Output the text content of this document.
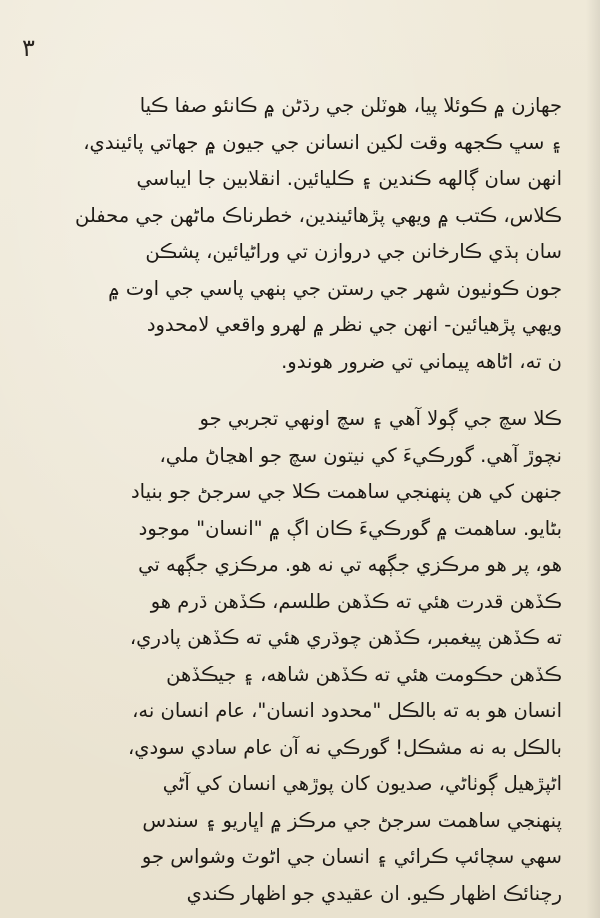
٣
جهازن ۾ ڪوئلا پيا، هوٽلن جي رڌڻن ۾ ڪانئو صفا ڪيا
۽ سڀ ڪجهه وقت لکين انسانن جي جيون ۾ جهاتي پائيندي،
انهن سان ڳالهه ڪندين ۽ ڪليائين. انقلابين جا ايباسي
ڪلاس، ڪتب ۾ ويهي پڙهائيندين، خطرناڪ ماڻهن جي محفلن
سان ٻڌي ڪارخانن جي دروازن تي وراڻيائين، پشڪن
جون ڪوٺيون شهر جي رستن جي ٻنهي پاسي جي اوت ۾
ويهي پڙهيائين- انهن جي نظر ۾ لهرو واقعي لامحدود
ن ته، اڻاهه پيماني تي ضرور هوندو.
ڪلا سچ جي ڳولا آهي ۽ سچ اونهي تجربي جو
نچوڙ آهي. گورڪيءَ کي نيتون سچ جو اهڃاڻ ملي،
جنهن کي هن پنهنجي ساهمت ڪلا جي سرجڻ جو بنياد
بڻايو. ساهمت ۾ گورڪيءَ ڪان اڳ ۾ "انسان" موجود
هو، پر هو مرڪزي جڳهه تي نه هو. مرڪزي جڳهه تي
ڪڏهن قدرت هئي ته ڪڏهن طلسم، ڪڏهن ڌرم هو
ته ڪڏهن پيغمبر، ڪڏهن چوڌري هئي ته ڪڏهن پادري،
ڪڏهن حڪومت هئي ته ڪڏهن شاهه، ۽ جيڪڏهن
انسان هو به ته بالڪل "محدود انسان"، عام انسان نه،
بالڪل به نه مشڪل! گورڪي نه آن عام سادي سودي،
اڻپڙهيل ڳوٺاڻي، صديون کان پوڙهي انسان کي آڻي
پنهنجي ساهمت سرجڻ جي مرڪز ۾ اڀاريو ۽ سندس
سهي سچائپ ڪرائي ۽ انسان جي اڻوٽ وشواس جو
رچنائڪ اظهار ڪيو. ان عقيدي جو اظهار ڪندي
